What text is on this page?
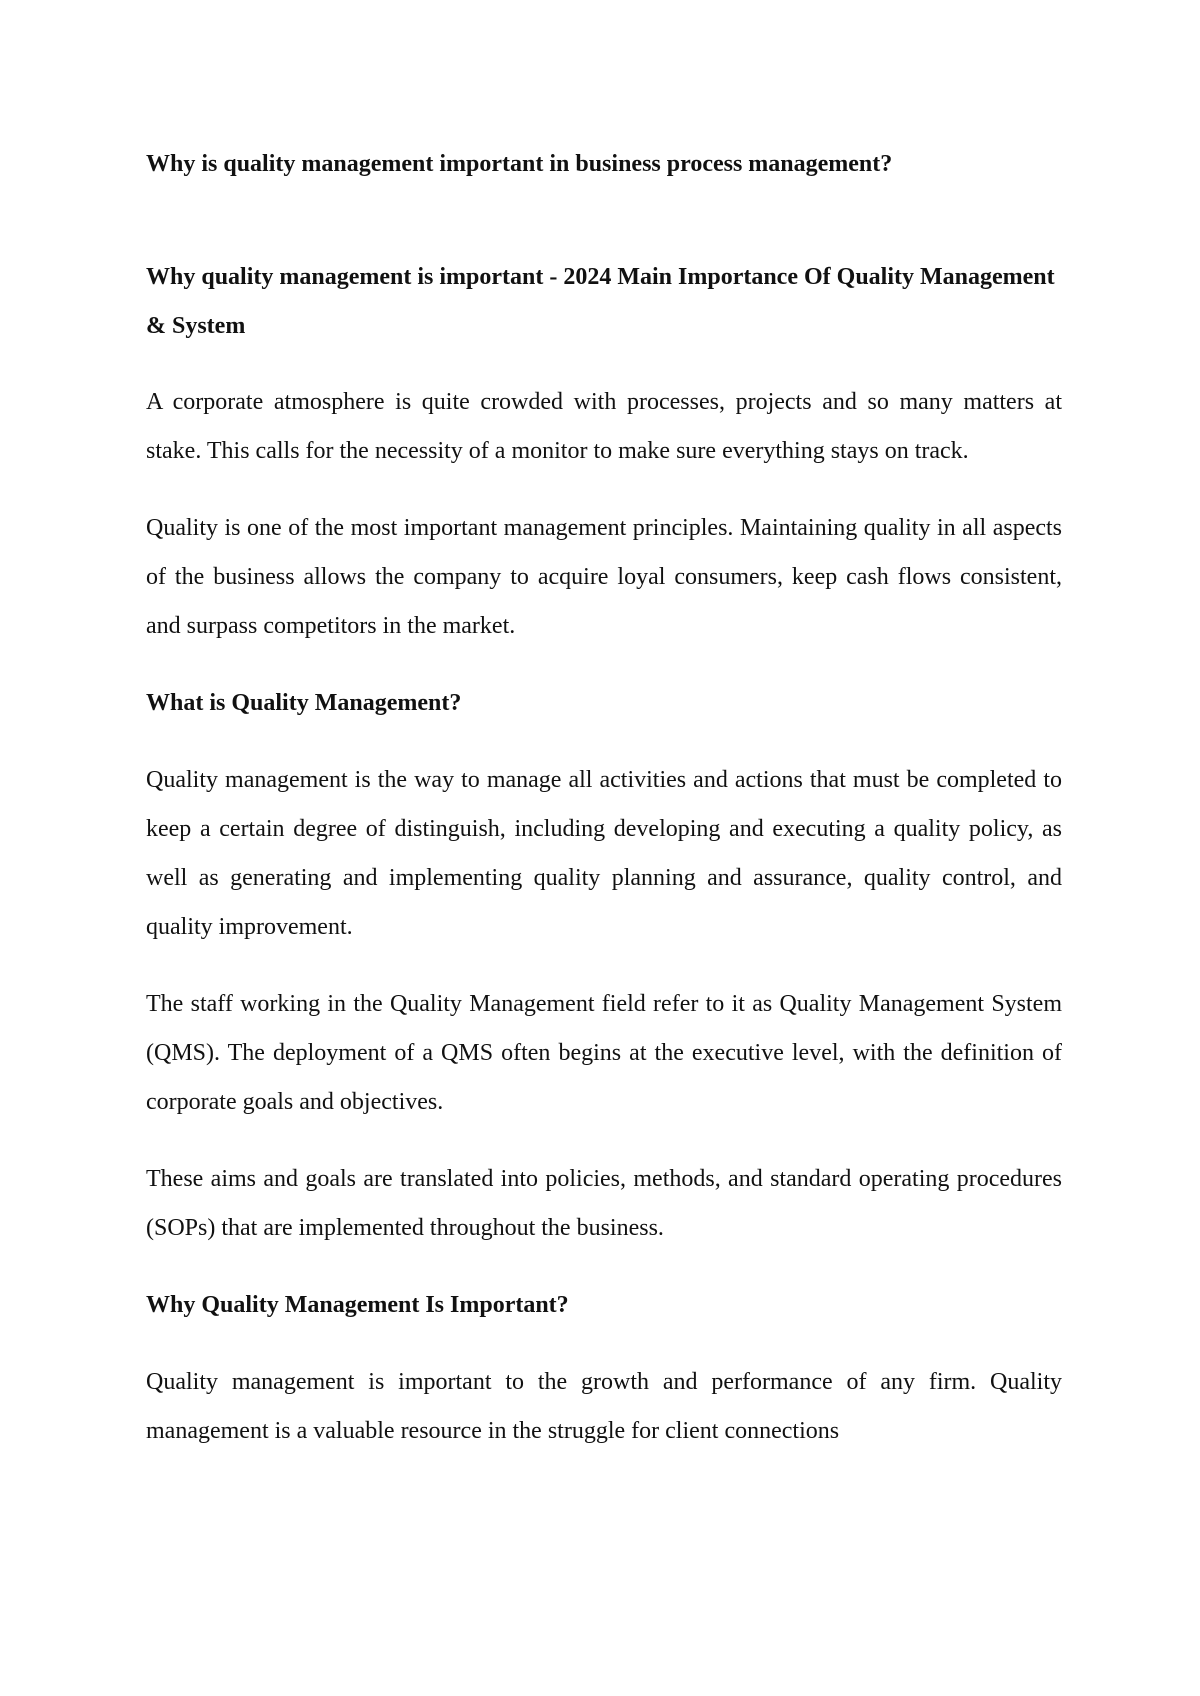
Why is quality management important in business process management?

Why quality management is important - 2024 Main Importance Of Quality Management & System

A corporate atmosphere is quite crowded with processes, projects and so many matters at stake. This calls for the necessity of a monitor to make sure everything stays on track.

Quality is one of the most important management principles. Maintaining quality in all aspects of the business allows the company to acquire loyal consumers, keep cash flows consistent, and surpass competitors in the market.

What is Quality Management?

Quality management is the way to manage all activities and actions that must be completed to keep a certain degree of distinguish, including developing and executing a quality policy, as well as generating and implementing quality planning and assurance, quality control, and quality improvement.

The staff working in the Quality Management field refer to it as Quality Management System (QMS). The deployment of a QMS often begins at the executive level, with the definition of corporate goals and objectives.

These aims and goals are translated into policies, methods, and standard operating procedures (SOPs) that are implemented throughout the business.

Why Quality Management Is Important?

Quality management is important to the growth and performance of any firm. Quality management is a valuable resource in the struggle for client connections
